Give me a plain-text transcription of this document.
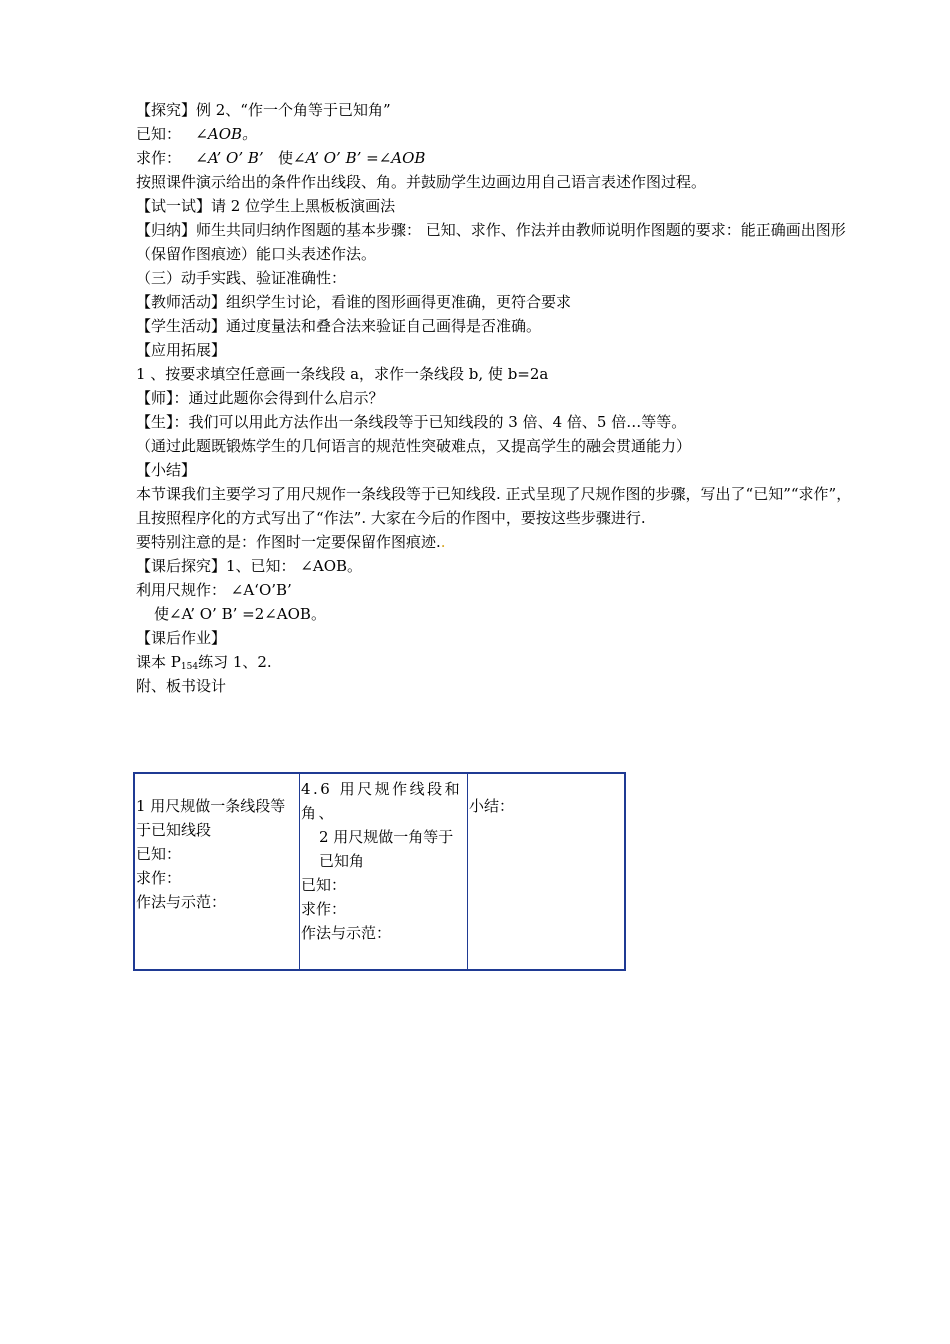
【探究】例 2、“作一个角等于已知角”
已知： ∠AOB。
求作： ∠A’ O’ B’ 使∠A’ O’ B’ =∠AOB
按照课件演示给出的条件作出线段、角。并鼓励学生边画边用自己语言表述作图过程。
【试一试】请 2 位学生上黑板板演画法
【归纳】师生共同归纳作图题的基本步骤： 已知、求作、作法并由教师说明作图题的要求：能正确画出图形（保留作图痕迹）能口头表述作法。
（三）动手实践、验证准确性：
【教师活动】组织学生讨论，看谁的图形画得更准确，更符合要求
【学生活动】通过度量法和叠合法来验证自己画得是否准确。
【应用拓展】
1 、按要求填空任意画一条线段 a，求作一条线段 b, 使 b=2a
【师】：通过此题你会得到什么启示？
【生】：我们可以用此方法作出一条线段等于已知线段的 3 倍、4 倍、5 倍…等等。
（通过此题既锻炼学生的几何语言的规范性突破难点，又提高学生的融会贯通能力）
【小结】
本节课我们主要学习了用尺规作一条线段等于已知线段. 正式呈现了尺规作图的步骤，写出了“已知”“求作”，且按照程序化的方式写出了“作法”. 大家在今后的作图中，要按这些步骤进行.
要特别注意的是：作图时一定要保留作图痕迹..
【课后探究】1、已知： ∠AOB。
利用尺规作： ∠A‘O’B’
使∠A’ O’ B’ =2∠AOB。
【课后作业】
课本 $P_{154}$练习 1、2.
附、板书设计
1 用尺规做一条线段等于已知线段
已知：
求作：
作法与示范：
4.6 用尺规作线段和角、
2 用尺规做一角等于已知角
已知：
求作：
作法与示范：
小结：
